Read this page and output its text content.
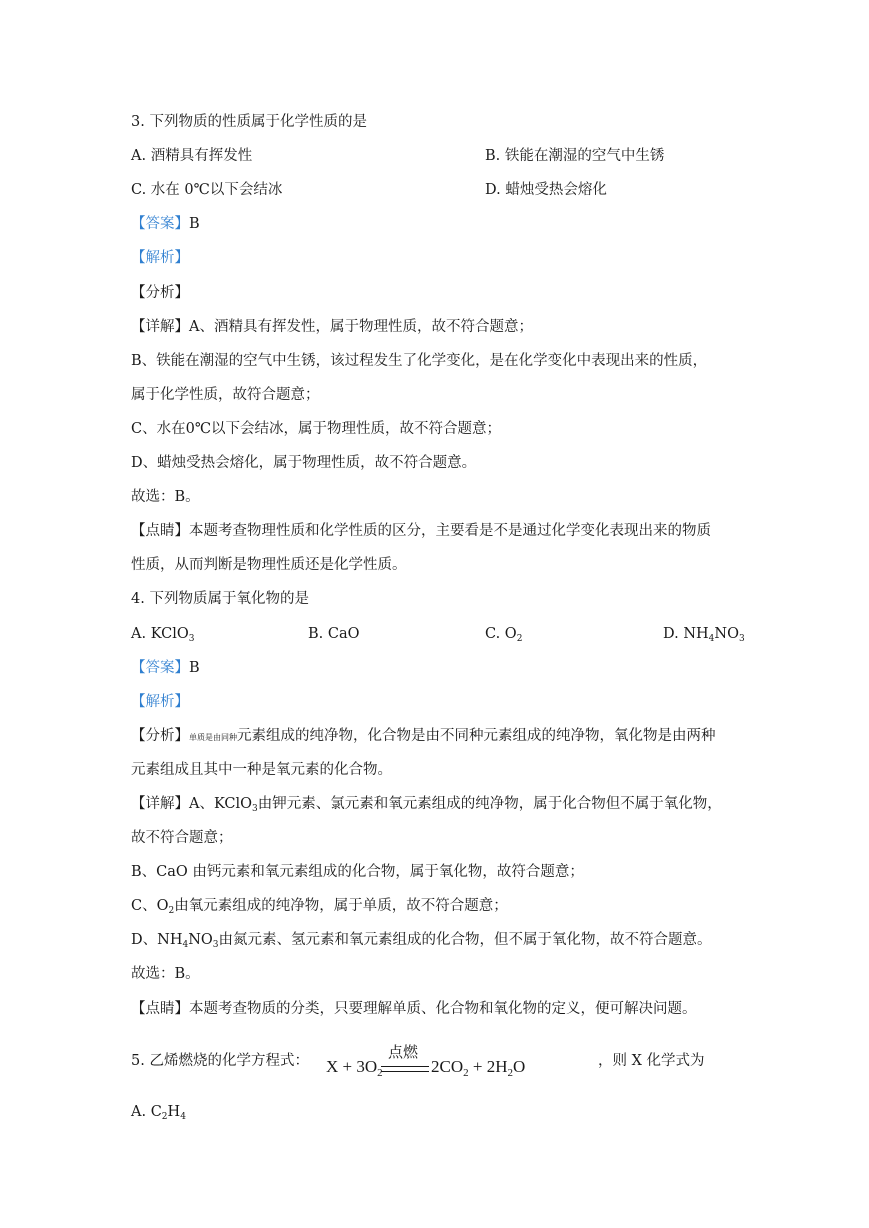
3. 下列物质的性质属于化学性质的是
A. 酒精具有挥发性	B. 铁能在潮湿的空气中生锈
C. 水在 0℃以下会结冰	D. 蜡烛受热会熔化
【答案】B
【解析】
【分析】
【详解】A、酒精具有挥发性，属于物理性质，故不符合题意；
B、铁能在潮湿的空气中生锈，该过程发生了化学变化，是在化学变化中表现出来的性质，
属于化学性质，故符合题意；
C、水在0℃以下会结冰，属于物理性质，故不符合题意；
D、蜡烛受热会熔化，属于物理性质，故不符合题意。
故选：B。
【点睛】本题考查物理性质和化学性质的区分，主要看是不是通过化学变化表现出来的物质
性质，从而判断是物理性质还是化学性质。
4. 下列物质属于氧化物的是
A. KClO$_3$	B. CaO	C. $O_2$	D. $NH_4NO_3$
【答案】B
【解析】
【分析】单质是由同种元素组成的纯净物，化合物是由不同种元素组成的纯净物，氧化物是由两种
元素组成且其中一种是氧元素的化合物。
【详解】A、KClO$_3$由钾元素、氯元素和氧元素组成的纯净物，属于化合物但不属于氧化物，
故不符合题意；
B、CaO 由钙元素和氧元素组成的化合物，属于氧化物，故符合题意；
C、$O_2$由氧元素组成的纯净物，属于单质，故不符合题意；
D、$NH_4NO_3$由氮元素、氢元素和氧元素组成的化合物，但不属于氧化物，故不符合题意。
故选：B。
【点睛】本题考查物质的分类，只要理解单质、化合物和氧化物的定义，便可解决问题。
5. 乙烯燃烧的化学方程式： $X + 3O_2$
点燃
$2CO_2 + 2H_2O$	，则 X 化学式为
A. $C_2H_4$
